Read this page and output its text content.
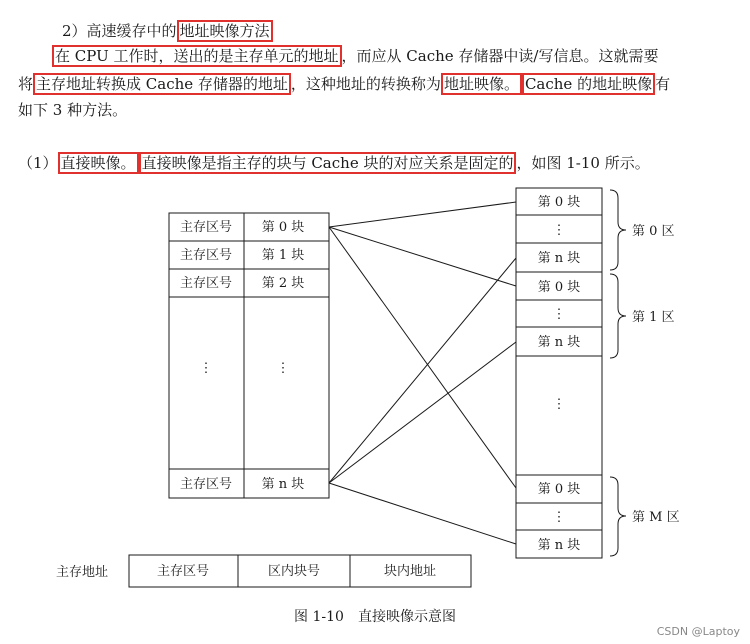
2）高速缓存中的 地址映像方法
在 CPU 工作时，送出的是主存单元的地址 ，而应从 Cache 存储器中读/写信息。这就需要
将 主存地址转换成 Cache 存储器的地址 ，这种地址的转换称为 地址映像。 Cache 的地址映像 有
如下 3 种方法。
（1） 直接映像。 直接映像是指主存的块与 Cache 块的对应关系是固定的 ，如图 1-10 所示。
主存区号 第 0 块
主存区号 第 1 块
主存区号 第 2 块
⋮	⋮
主存区号 第 n 块
第 0 块
⋮
第 n 块
第 0 块
⋮
第 n 块
⋮
第 0 块
⋮
第 n 块
第 0 区
第 1 区
第 M 区
主存地址	主存区号	区内块号	块内地址
图 1-10　直接映像示意图
CSDN @Laptoy
